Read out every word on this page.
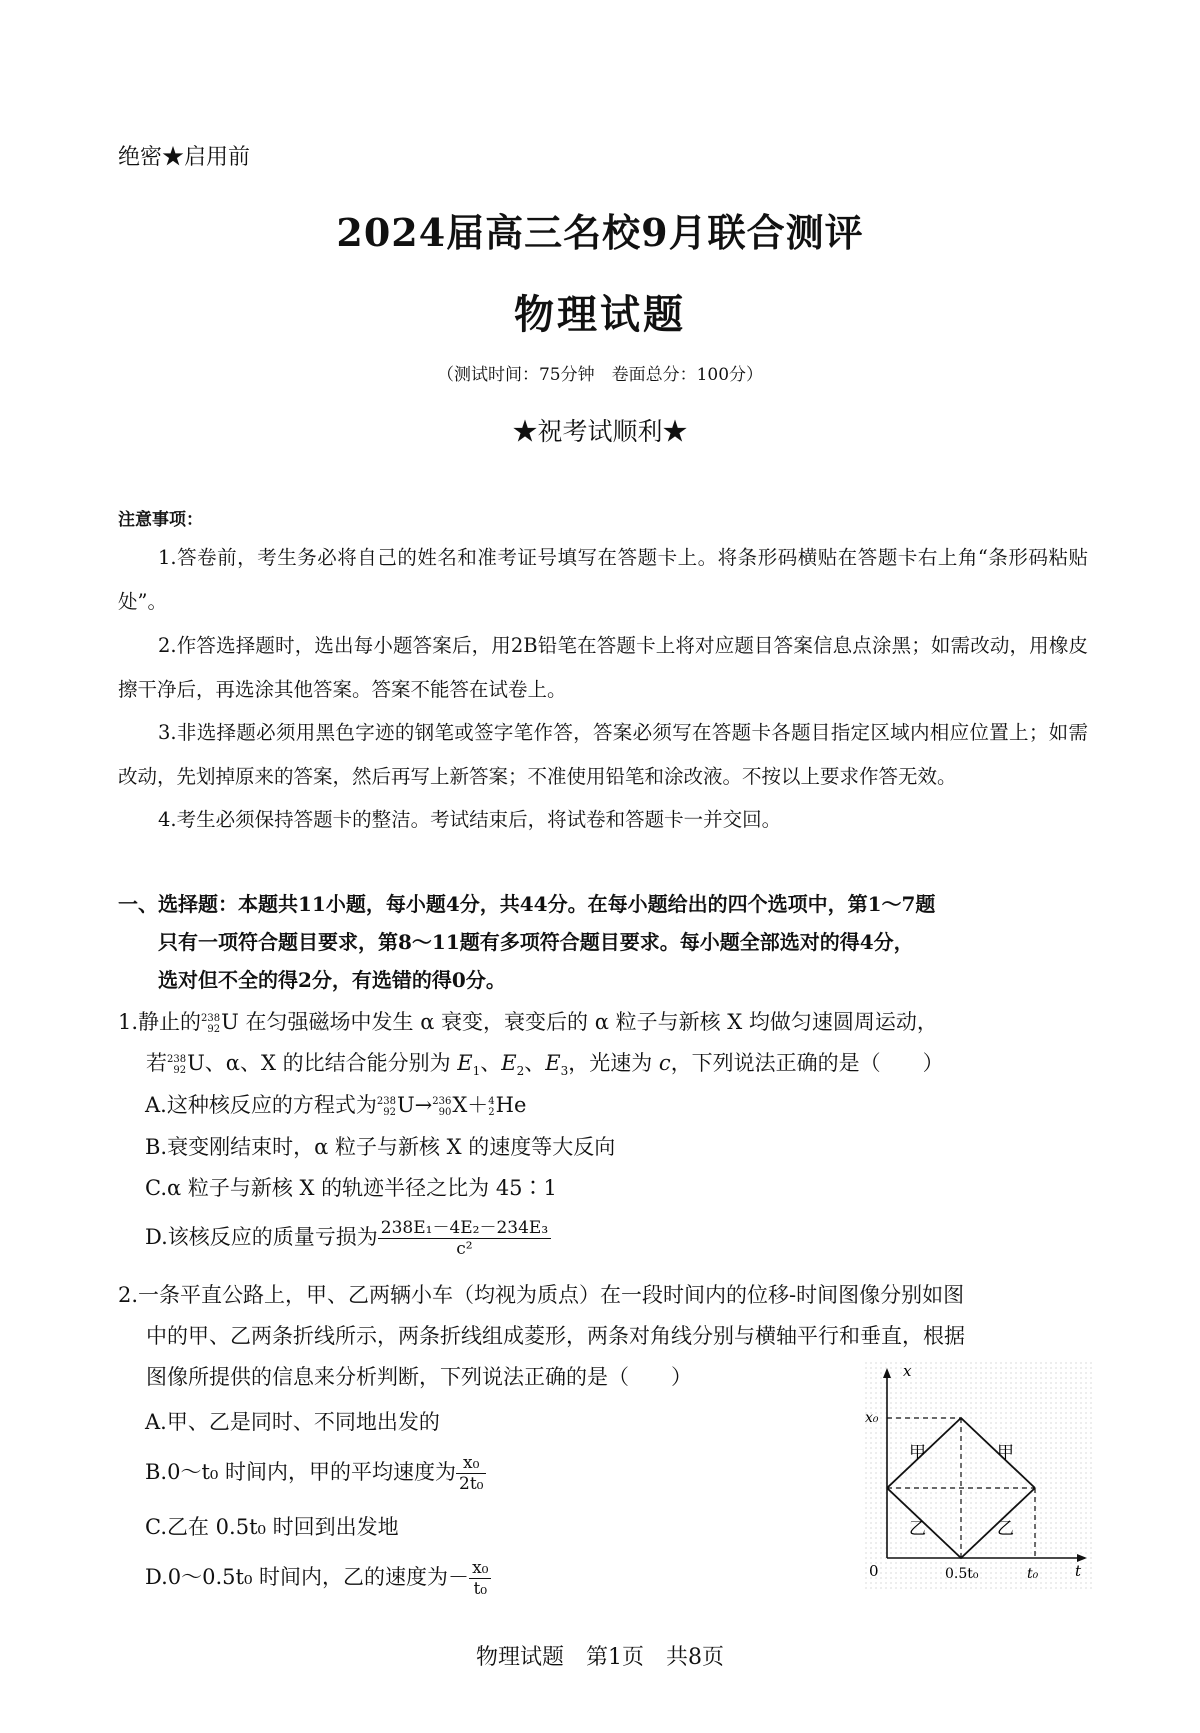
绝密★启用前
2024届高三名校9月联合测评
物理试题
（测试时间：75分钟　卷面总分：100分）
★祝考试顺利★
注意事项：
1.答卷前，考生务必将自己的姓名和准考证号填写在答题卡上。将条形码横贴在答题卡右上角“条形码粘贴处”。
2.作答选择题时，选出每小题答案后，用2B铅笔在答题卡上将对应题目答案信息点涂黑；如需改动，用橡皮擦干净后，再选涂其他答案。答案不能答在试卷上。
3.非选择题必须用黑色字迹的钢笔或签字笔作答，答案必须写在答题卡各题目指定区域内相应位置上；如需改动，先划掉原来的答案，然后再写上新答案；不准使用铅笔和涂改液。不按以上要求作答无效。
4.考生必须保持答题卡的整洁。考试结束后，将试卷和答题卡一并交回。
一、选择题：本题共11小题，每小题4分，共44分。在每小题给出的四个选项中，第1～7题
只有一项符合题目要求，第8～11题有多项符合题目要求。每小题全部选对的得4分，
选对但不全的得2分，有选错的得0分。
1.静止的238
92U 在匀强磁场中发生 α 衰变，衰变后的 α 粒子与新核 X 均做匀速圆周运动，
若238
92U、α、X 的比结合能分别为 $E_1$、$E_2$、$E_3$，光速为 c，下列说法正确的是（　　）
A.这种核反应的方程式为238
92U→236
90X＋4
2He
B.衰变刚结束时，α 粒子与新核 X 的速度等大反向
C.α 粒子与新核 X 的轨迹半径之比为 45∶1
D.该核反应的质量亏损为 $\frac{\text{238E₁－4E₂－234E₃}}{\text{c²}}$
2.一条平直公路上，甲、乙两辆小车（均视为质点）在一段时间内的位移-时间图像分别如图
中的甲、乙两条折线所示，两条折线组成菱形，两条对角线分别与横轴平行和垂直，根据
图像所提供的信息来分析判断，下列说法正确的是（　　）
A.甲、乙是同时、不同地出发的
B.0～t₀ 时间内，甲的平均速度为 $\frac{\text{x₀}}{\text{2t₀}}$
C.乙在 0.5t₀ 时回到出发地
D.0～0.5t₀ 时间内，乙的速度为－ $\frac{\text{x₀}}{\text{t₀}}$
x
t
0
x₀
0.5t₀	t₀
甲	甲
乙	乙
物理试题　第1页　共8页
